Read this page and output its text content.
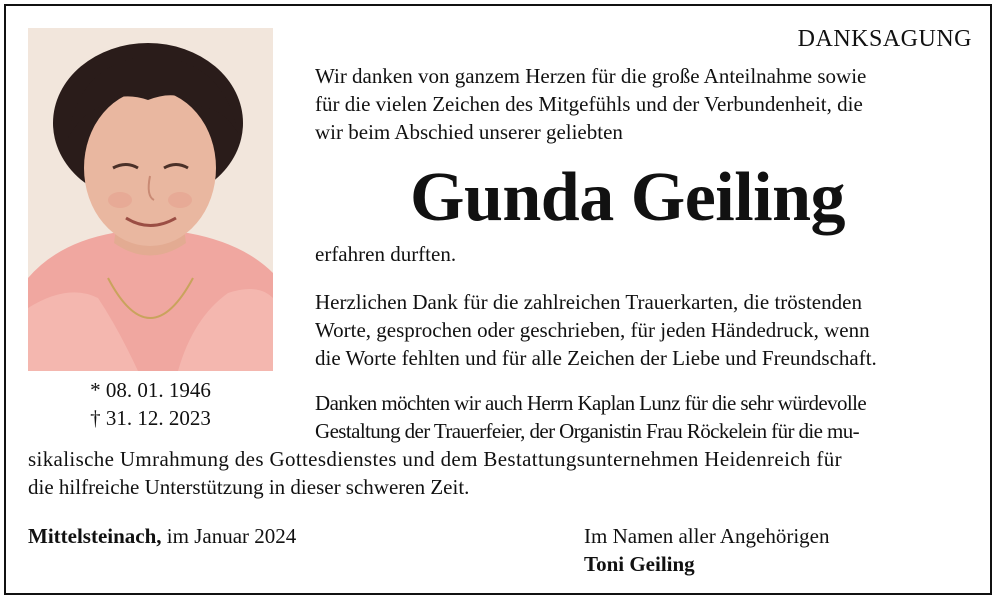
* 08. 01. 1946
† 31. 12. 2023
DANKSAGUNG
Wir danken von ganzem Herzen für die große Anteilnahme sowie
für die vielen Zeichen des Mitgefühls und der Verbundenheit, die
wir beim Abschied unserer geliebten
Gunda Geiling
erfahren durften.
Herzlichen Dank für die zahlreichen Trauerkarten, die tröstenden
Worte, gesprochen oder geschrieben, für jeden Händedruck, wenn
die Worte fehlten und für alle Zeichen der Liebe und Freundschaft.
Danken möchten wir auch Herrn Kaplan Lunz für die sehr würdevolle
Gestaltung der Trauerfeier, der Organistin Frau Röckelein für die mu-
sikalische Umrahmung des Gottesdienstes und dem Bestattungsunternehmen Heidenreich für
die hilfreiche Unterstützung in dieser schweren Zeit.
Mittelsteinach, im Januar 2024	Im Namen aller Angehörigen
Toni Geiling
